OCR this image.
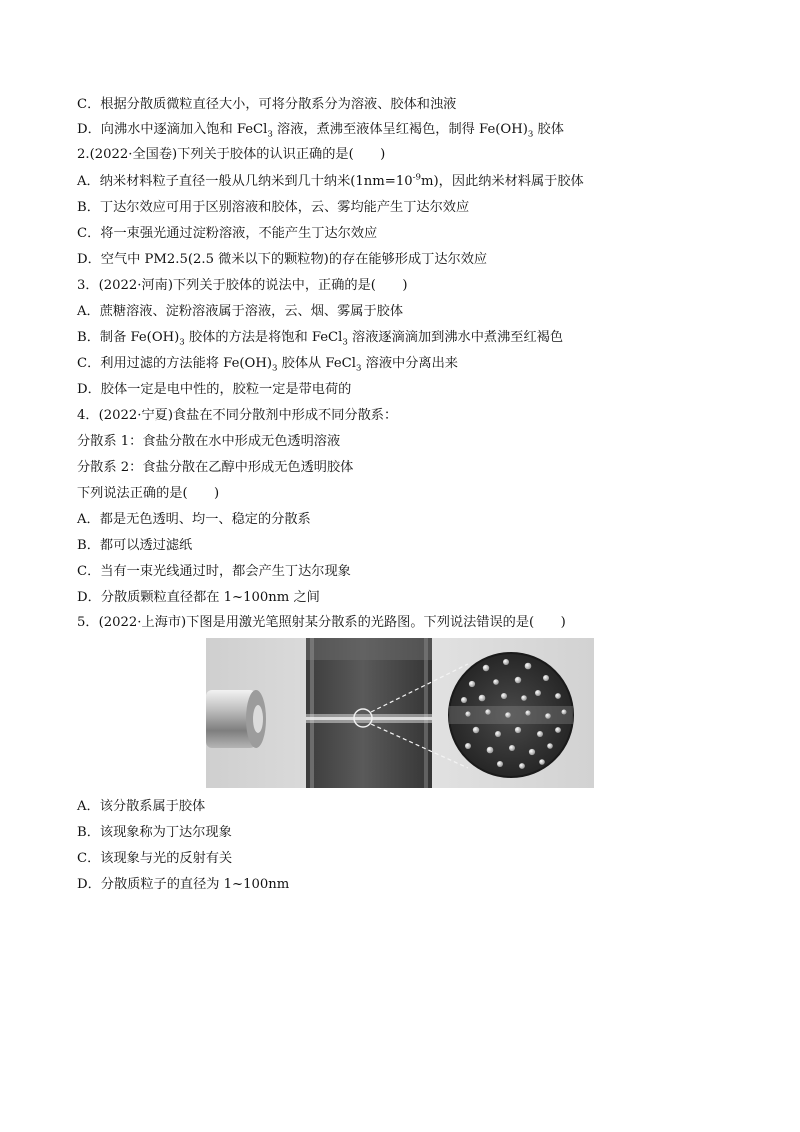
C．根据分散质微粒直径大小，可将分散系分为溶液、胶体和浊液
D．向沸水中逐滴加入饱和 FeCl$_3$ 溶液，煮沸至液体呈红褐色，制得 $Fe(OH)_3$ 胶体
2.(2022·全国卷)下列关于胶体的认识正确的是(　　)
A．纳米材料粒子直径一般从几纳米到几十纳米$(1nm=10^{-9}m)$，因此纳米材料属于胶体
B．丁达尔效应可用于区别溶液和胶体，云、雾均能产生丁达尔效应
C．将一束强光通过淀粉溶液，不能产生丁达尔效应
D．空气中 PM2.5(2.5 微米以下的颗粒物)的存在能够形成丁达尔效应
3．(2022·河南)下列关于胶体的说法中，正确的是(　　)
A．蔗糖溶液、淀粉溶液属于溶液，云、烟、雾属于胶体
B．制备 $Fe(OH)_3$ 胶体的方法是将饱和 FeCl$_3$ 溶液逐滴滴加到沸水中煮沸至红褐色
C．利用过滤的方法能将 $Fe(OH)_3$ 胶体从 FeCl$_3$ 溶液中分离出来
D．胶体一定是电中性的，胶粒一定是带电荷的
4．(2022·宁夏)食盐在不同分散剂中形成不同分散系：
分散系 1：食盐分散在水中形成无色透明溶液
分散系 2：食盐分散在乙醇中形成无色透明胶体
下列说法正确的是(　　)
A．都是无色透明、均一、稳定的分散系
B．都可以透过滤纸
C．当有一束光线通过时，都会产生丁达尔现象
D．分散质颗粒直径都在 1~100nm 之间
5．(2022·上海市)下图是用激光笔照射某分散系的光路图。下列说法错误的是(　　)
A．该分散系属于胶体
B．该现象称为丁达尔现象
C．该现象与光的反射有关
D．分散质粒子的直径为 1~100nm
